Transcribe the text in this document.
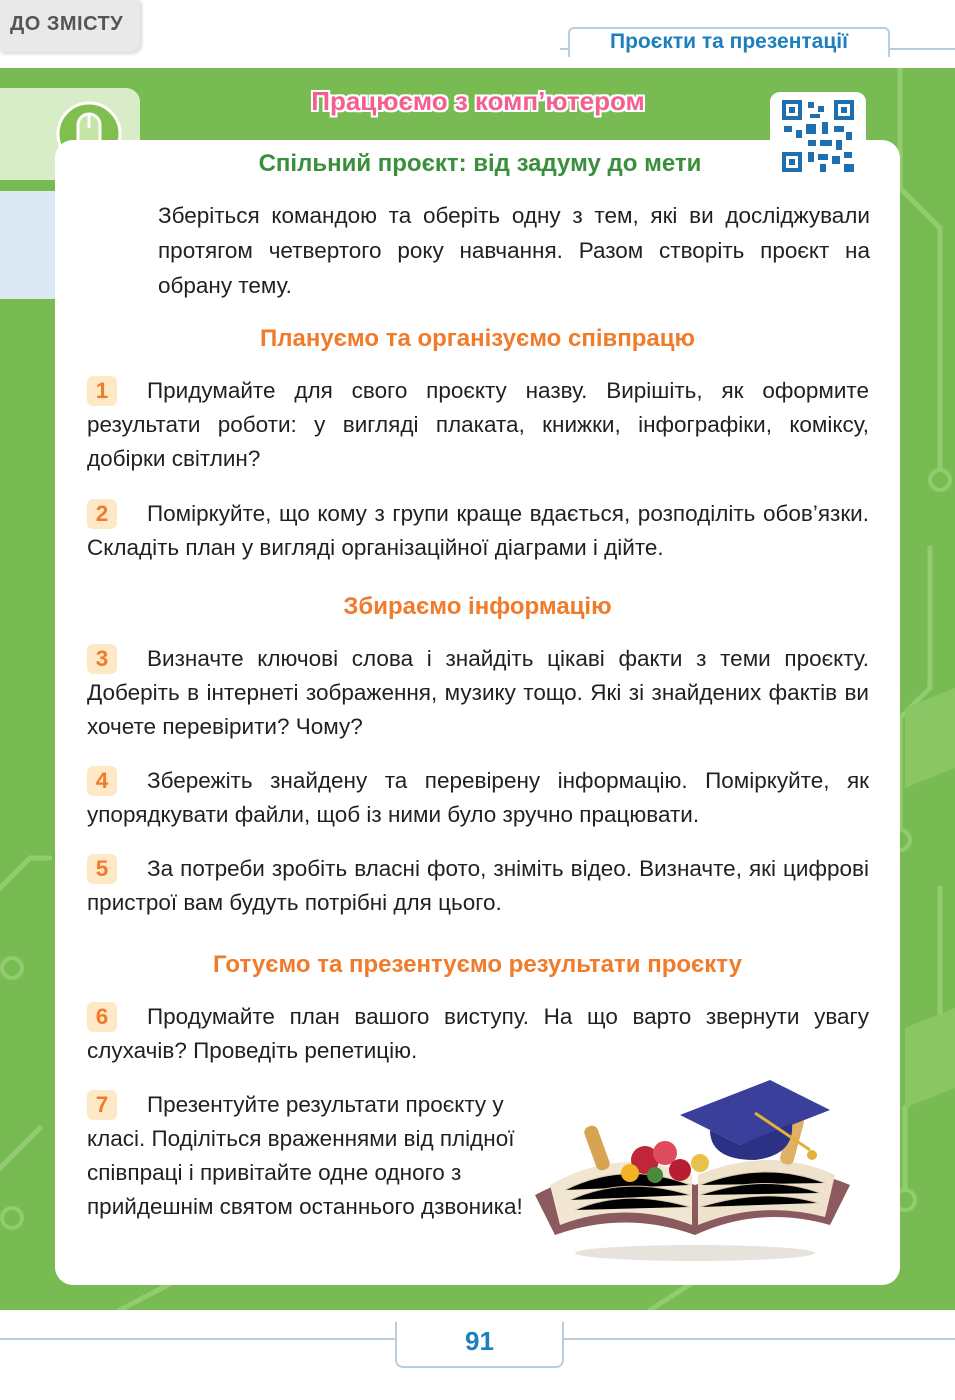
ДО ЗМІСТУ
Проєкти та презентації
Працюємо з комп’ютером
Спільний проєкт: від задуму до мети
Зберіться командою та оберіть одну з тем, які ви досліджували протягом четвертого року навчання. Разом створіть проєкт на обрану тему.
Плануємо та організуємо співпрацю
1 Придумайте для свого проєкту назву. Вирішіть, як оформите результати роботи: у вигляді плаката, книжки, інфографіки, коміксу, добірки світлин?
2 Поміркуйте, що кому з групи краще вдається, розподіліть обов’язки. Складіть план у вигляді організаційної діаграми і дійте.
Збираємо інформацію
3 Визначте ключові слова і знайдіть цікаві факти з теми проєкту. Доберіть в інтернеті зображення, музику тощо. Які зі знайдених фактів ви хочете перевірити? Чому?
4 Збережіть знайдену та перевірену інформацію. Поміркуйте, як упорядкувати файли, щоб із ними було зручно працювати.
5 За потреби зробіть власні фото, зніміть відео. Визначте, які цифрові пристрої вам будуть потрібні для цього.
Готуємо та презентуємо результати проєкту
6 Продумайте план вашого виступу. На що варто звернути увагу слухачів? Проведіть репетицію.
7 Презентуйте результати проєкту у класі. Поділіться враженнями від плідної співпраці і привітайте одне одного з прийдешнім святом останнього дзвоника!
91
